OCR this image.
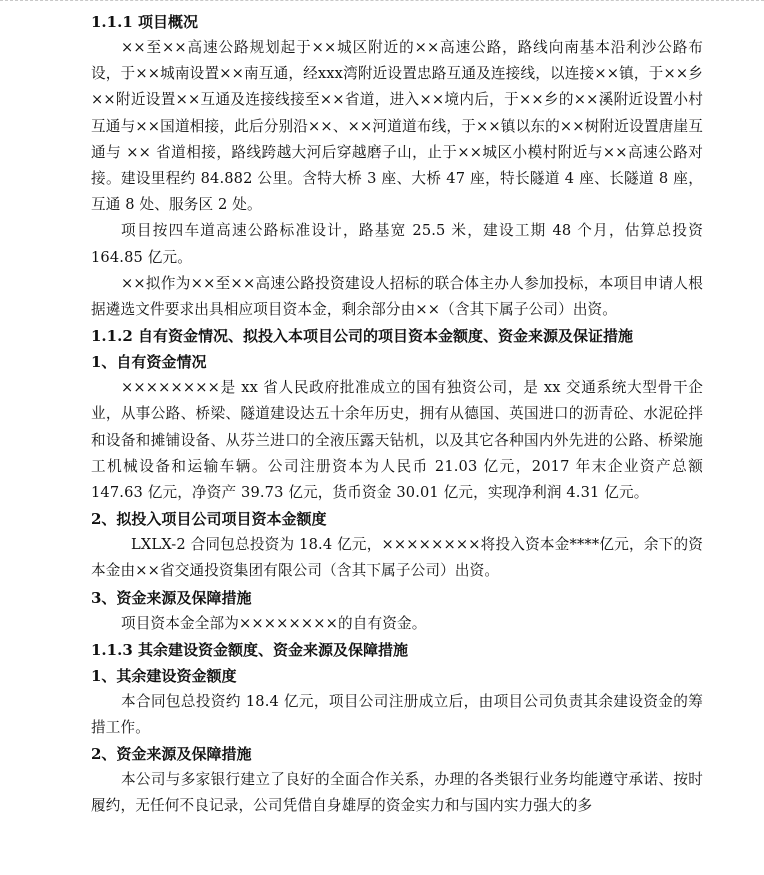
1.1.1 项目概况
××至××高速公路规划起于××城区附近的××高速公路，路线向南基本沿利沙公路布设，于××城南设置××南互通，经xxx湾附近设置忠路互通及连接线，以连接××镇，于××乡××附近设置××互通及连接线接至××省道，进入××境内后，于××乡的××溪附近设置小村互通与××国道相接，此后分别沿××、××河道道布线，于××镇以东的××树附近设置唐崖互通与 ×× 省道相接，路线跨越大河后穿越磨子山，止于××城区小模村附近与××高速公路对接。建设里程约 84.882 公里。含特大桥 3 座、大桥 47 座，特长隧道 4 座、长隧道 8 座，互通 8 处、服务区 2 处。
项目按四车道高速公路标准设计，路基宽 25.5 米，建设工期 48 个月，估算总投资 164.85 亿元。
××拟作为××至××高速公路投资建设人招标的联合体主办人参加投标，本项目申请人根据遴选文件要求出具相应项目资本金，剩余部分由××（含其下属子公司）出资。
1.1.2 自有资金情况、拟投入本项目公司的项目资本金额度、资金来源及保证措施
1、自有资金情况
××××××××是 xx 省人民政府批准成立的国有独资公司，是 xx 交通系统大型骨干企业，从事公路、桥梁、隧道建设达五十余年历史，拥有从德国、英国进口的沥青砼、水泥砼拌和设备和摊铺设备、从芬兰进口的全液压露天钻机，以及其它各种国内外先进的公路、桥梁施工机械设备和运输车辆。公司注册资本为人民币 21.03 亿元，2017 年末企业资产总额 147.63 亿元，净资产 39.73 亿元，货币资金 30.01 亿元，实现净利润 4.31 亿元。
2、拟投入项目公司项目资本金额度
LXLX-2 合同包总投资为 18.4 亿元，××××××××将投入资本金****亿元，余下的资本金由××省交通投资集团有限公司（含其下属子公司）出资。
3、资金来源及保障措施
项目资本金全部为××××××××的自有资金。
1.1.3 其余建设资金额度、资金来源及保障措施
1、其余建设资金额度
本合同包总投资约 18.4 亿元，项目公司注册成立后，由项目公司负责其余建设资金的筹措工作。
2、资金来源及保障措施
本公司与多家银行建立了良好的全面合作关系，办理的各类银行业务均能遵守承诺、按时履约，无任何不良记录，公司凭借自身雄厚的资金实力和与国内实力强大的多
